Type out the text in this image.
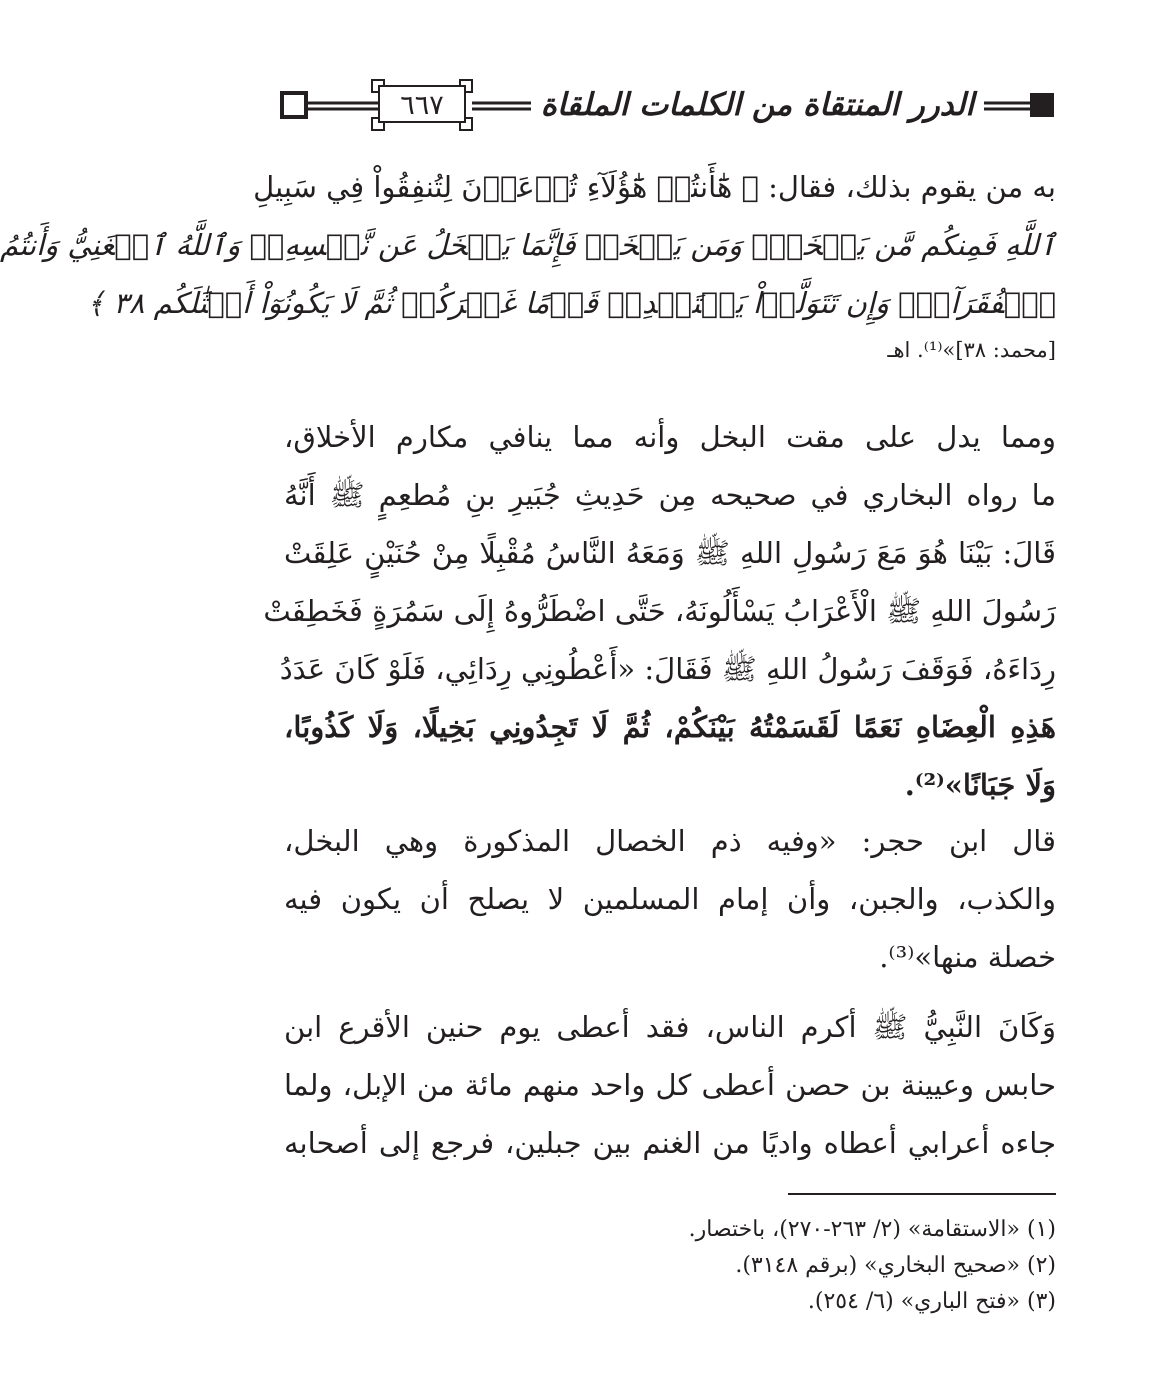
٦٦٧	الدرر المنتقاة من الكلمات الملقاة
به من يقوم بذلك، فقال: ﴿ هَٰٓأَنتُمۡ هَٰٓؤُلَآءِ تُدۡعَوۡنَ لِتُنفِقُواْ فِي سَبِيلِ
ٱللَّهِ فَمِنكُم مَّن يَبۡخَلُۖ وَمَن يَبۡخَلۡ فَإِنَّمَا يَبۡخَلُ عَن نَّفۡسِهِۦۚ وَٱللَّهُ ٱلۡغَنِيُّ وَأَنتُمُ
ٱلۡفُقَرَآءُۚ وَإِن تَتَوَلَّوۡاْ يَسۡتَبۡدِلۡ قَوۡمًا غَيۡرَكُمۡ ثُمَّ لَا يَكُونُوٓاْ أَمۡثَٰلَكُم ٣٨ ﴾
[محمد: ٣٨]»⁽¹⁾. اهـ
ومما يدل على مقت البخل وأنه مما ينافي مكارم الأخلاق،
ما رواه البخاري في صحيحه مِن حَدِيثِ جُبَيرِ بنِ مُطعِمٍ ﷺ أَنَّهُ
قَالَ: بَيْنَا هُوَ مَعَ رَسُولِ اللهِ ﷺ وَمَعَهُ النَّاسُ مُقْبِلًا مِنْ حُنَيْنٍ عَلِقَتْ
رَسُولَ اللهِ ﷺ الْأَعْرَابُ يَسْأَلُونَهُ، حَتَّى اضْطَرُّوهُ إِلَى سَمُرَةٍ فَخَطِفَتْ
رِدَاءَهُ، فَوَقَفَ رَسُولُ اللهِ ﷺ فَقَالَ: «أَعْطُونِي رِدَائِي، فَلَوْ كَانَ عَدَدُ
هَذِهِ الْعِضَاهِ نَعَمًا لَقَسَمْتُهُ بَيْنَكُمْ، ثُمَّ لَا تَجِدُونِي بَخِيلًا، وَلَا كَذُوبًا،
وَلَا جَبَانًا»⁽²⁾.
قال ابن حجر: «وفيه ذم الخصال المذكورة وهي البخل،
والكذب، والجبن، وأن إمام المسلمين لا يصلح أن يكون فيه
خصلة منها»⁽³⁾.
وَكَانَ النَّبِيُّ ﷺ أكرم الناس، فقد أعطى يوم حنين الأقرع ابن
حابس وعيينة بن حصن أعطى كل واحد منهم مائة من الإبل، ولما
جاءه أعرابي أعطاه واديًا من الغنم بين جبلين، فرجع إلى أصحابه
(١) «الاستقامة» (٢/ ٢٦٣-٢٧٠)، باختصار.
(٢) «صحيح البخاري» (برقم ٣١٤٨).
(٣) «فتح الباري» (٦/ ٢٥٤).
